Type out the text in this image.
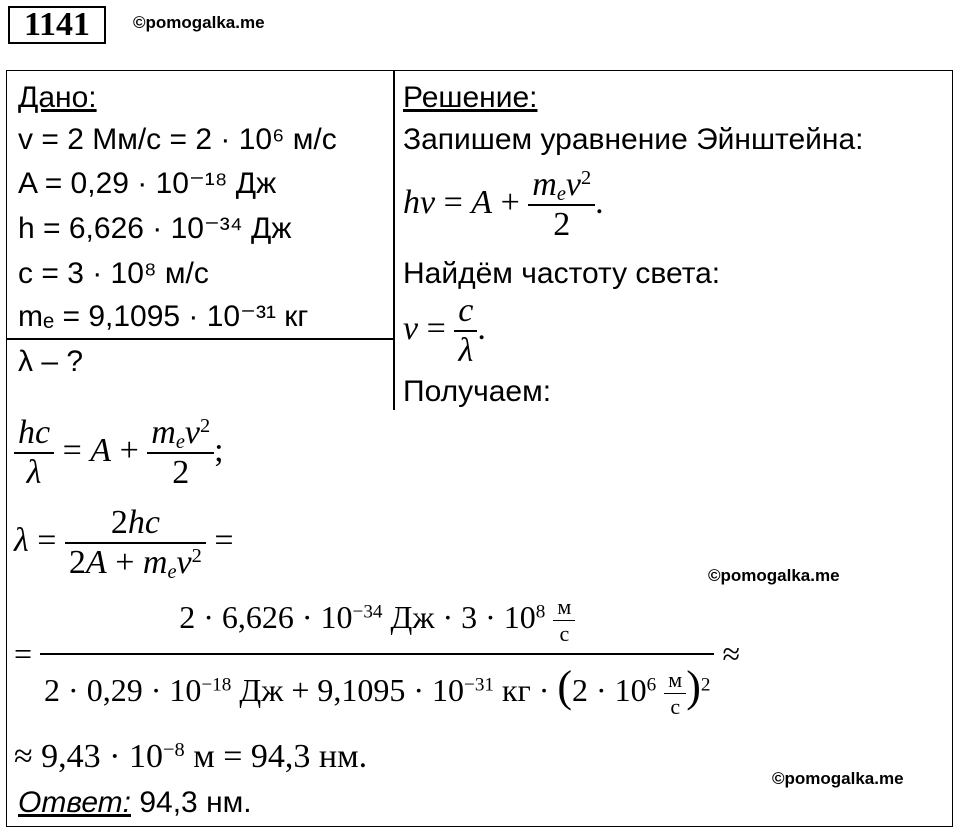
1141	©pomogalka.me
Дано:
v = 2 Мм/с = 2 · 10⁶ м/с
A = 0,29 · 10⁻¹⁸ Дж
h = 6,626 · 10⁻³⁴ Дж
c = 3 · 10⁸ м/с
mₑ = 9,1095 · 10⁻³¹ кг
λ – ?
Решение:
Запишем уравнение Эйнштейна:
$h\nu = A + \frac{m_ev^2}{2}$ .
Найдём частоту света:
$\nu = \frac{c}{\lambda}$ .
Получаем:
$\frac{hc}{\lambda} = A + \frac{m_ev^2}{2}$ ;
$\lambda = \frac{2hc}{2A + m_ev^2}$ =
©pomogalka.me
= $\frac{2 \cdot 6,626 \cdot 10^{-34} Дж \cdot 3 \cdot 10^8 \frac{м}{с}}{2 \cdot 0,29 \cdot 10^{-18} Дж + 9,1095 \cdot 10^{-31} кг \cdot (2 \cdot 10^6 \frac{м}{с} )^2}$ ≈
≈ $9,43 \cdot 10^{-8}$ м = 94,3 нм.
©pomogalka.me
Ответ: 94,3 нм.
